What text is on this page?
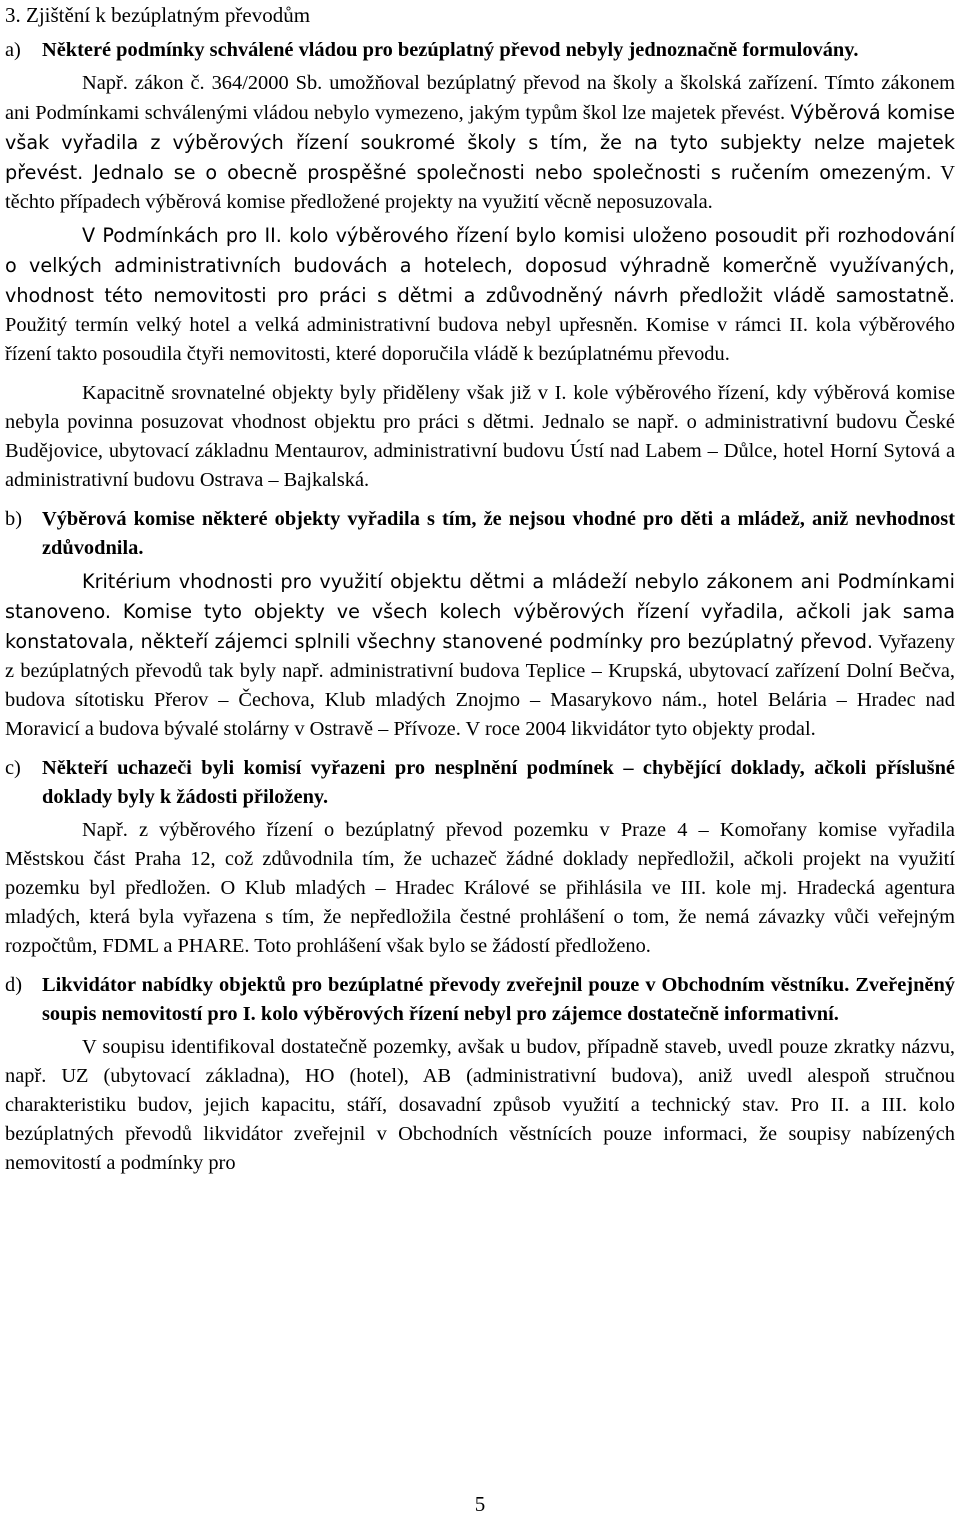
3. Zjištění k bezúplatným převodům
a)	Některé podmínky schválené vládou pro bezúplatný převod nebyly jednoznačně formulovány.

Např. zákon č. 364/2000 Sb. umožňoval bezúplatný převod na školy a školská zařízení. Tímto zákonem ani Podmínkami schválenými vládou nebylo vymezeno, jakým typům škol lze majetek převést. Výběrová komise však vyřadila z výběrových řízení soukromé školy s tím, že na tyto subjekty nelze majetek převést. Jednalo se o obecně prospěšné společnosti nebo společnosti s ručením omezeným. V těchto případech výběrová komise předložené projekty na využití věcně neposuzovala.

V Podmínkách pro II. kolo výběrového řízení bylo komisi uloženo posoudit při rozhodování o velkých administrativních budovách a hotelech, doposud výhradně komerčně využívaných, vhodnost této nemovitosti pro práci s dětmi a zdůvodněný návrh předložit vládě samostatně. Použitý termín velký hotel a velká administrativní budova nebyl upřesněn. Komise v rámci II. kola výběrového řízení takto posoudila čtyři nemovitosti, které doporučila vládě k bezúplatnému převodu.

Kapacitně srovnatelné objekty byly přiděleny však již v I. kole výběrového řízení, kdy výběrová komise nebyla povinna posuzovat vhodnost objektu pro práci s dětmi. Jednalo se např. o administrativní budovu České Budějovice, ubytovací základnu Mentaurov, administrativní budovu Ústí nad Labem – Důlce, hotel Horní Sytová a administrativní budovu Ostrava – Bajkalská.

b) Výběrová komise některé objekty vyřadila s tím, že nejsou vhodné pro děti a mládež, aniž nevhodnost zdůvodnila.

Kritérium vhodnosti pro využití objektu dětmi a mládeží nebylo zákonem ani Podmínkami stanoveno. Komise tyto objekty ve všech kolech výběrových řízení vyřadila, ačkoli jak sama konstatovala, někteří zájemci splnili všechny stanovené podmínky pro bezúplatný převod. Vyřazeny z bezúplatných převodů tak byly např. administrativní budova Teplice – Krupská, ubytovací zařízení Dolní Bečva, budova sítotisku Přerov – Čechova, Klub mladých Znojmo – Masarykovo nám., hotel Belária – Hradec nad Moravicí a budova bývalé stolárny v Ostravě – Přívoze. V roce 2004 likvidátor tyto objekty prodal.

c)	Někteří uchazeči byli komisí vyřazeni pro nesplnění podmínek – chybějící doklady, ačkoli příslušné doklady byly k žádosti přiloženy.

Např. z výběrového řízení o bezúplatný převod pozemku v Praze 4 – Komořany komise vyřadila Městskou část Praha 12, což zdůvodnila tím, že uchazeč žádné doklady nepředložil, ačkoli projekt na využití pozemku byl předložen. O Klub mladých – Hradec Králové se přihlásila ve III. kole mj. Hradecká agentura mladých, která byla vyřazena s tím, že nepředložila čestné prohlášení o tom, že nemá závazky vůči veřejným rozpočtům, FDML a PHARE. Toto prohlášení však bylo se žádostí předloženo.

d) Likvidátor nabídky objektů pro bezúplatné převody zveřejnil pouze v Obchodním věstníku. Zveřejněný soupis nemovitostí pro I. kolo výběrových řízení nebyl pro zájemce dostatečně informativní.

V soupisu identifikoval dostatečně pozemky, avšak u budov, případně staveb, uvedl pouze zkratky názvu, např. UZ (ubytovací základna), HO (hotel), AB (administrativní budova), aniž uvedl alespoň stručnou charakteristiku budov, jejich kapacitu, stáří, dosavadní způsob využití a technický stav. Pro II. a III. kolo bezúplatných převodů likvidátor zveřejnil v Obchodních věstnících pouze informaci, že soupisy nabízených nemovitostí a podmínky pro

5
